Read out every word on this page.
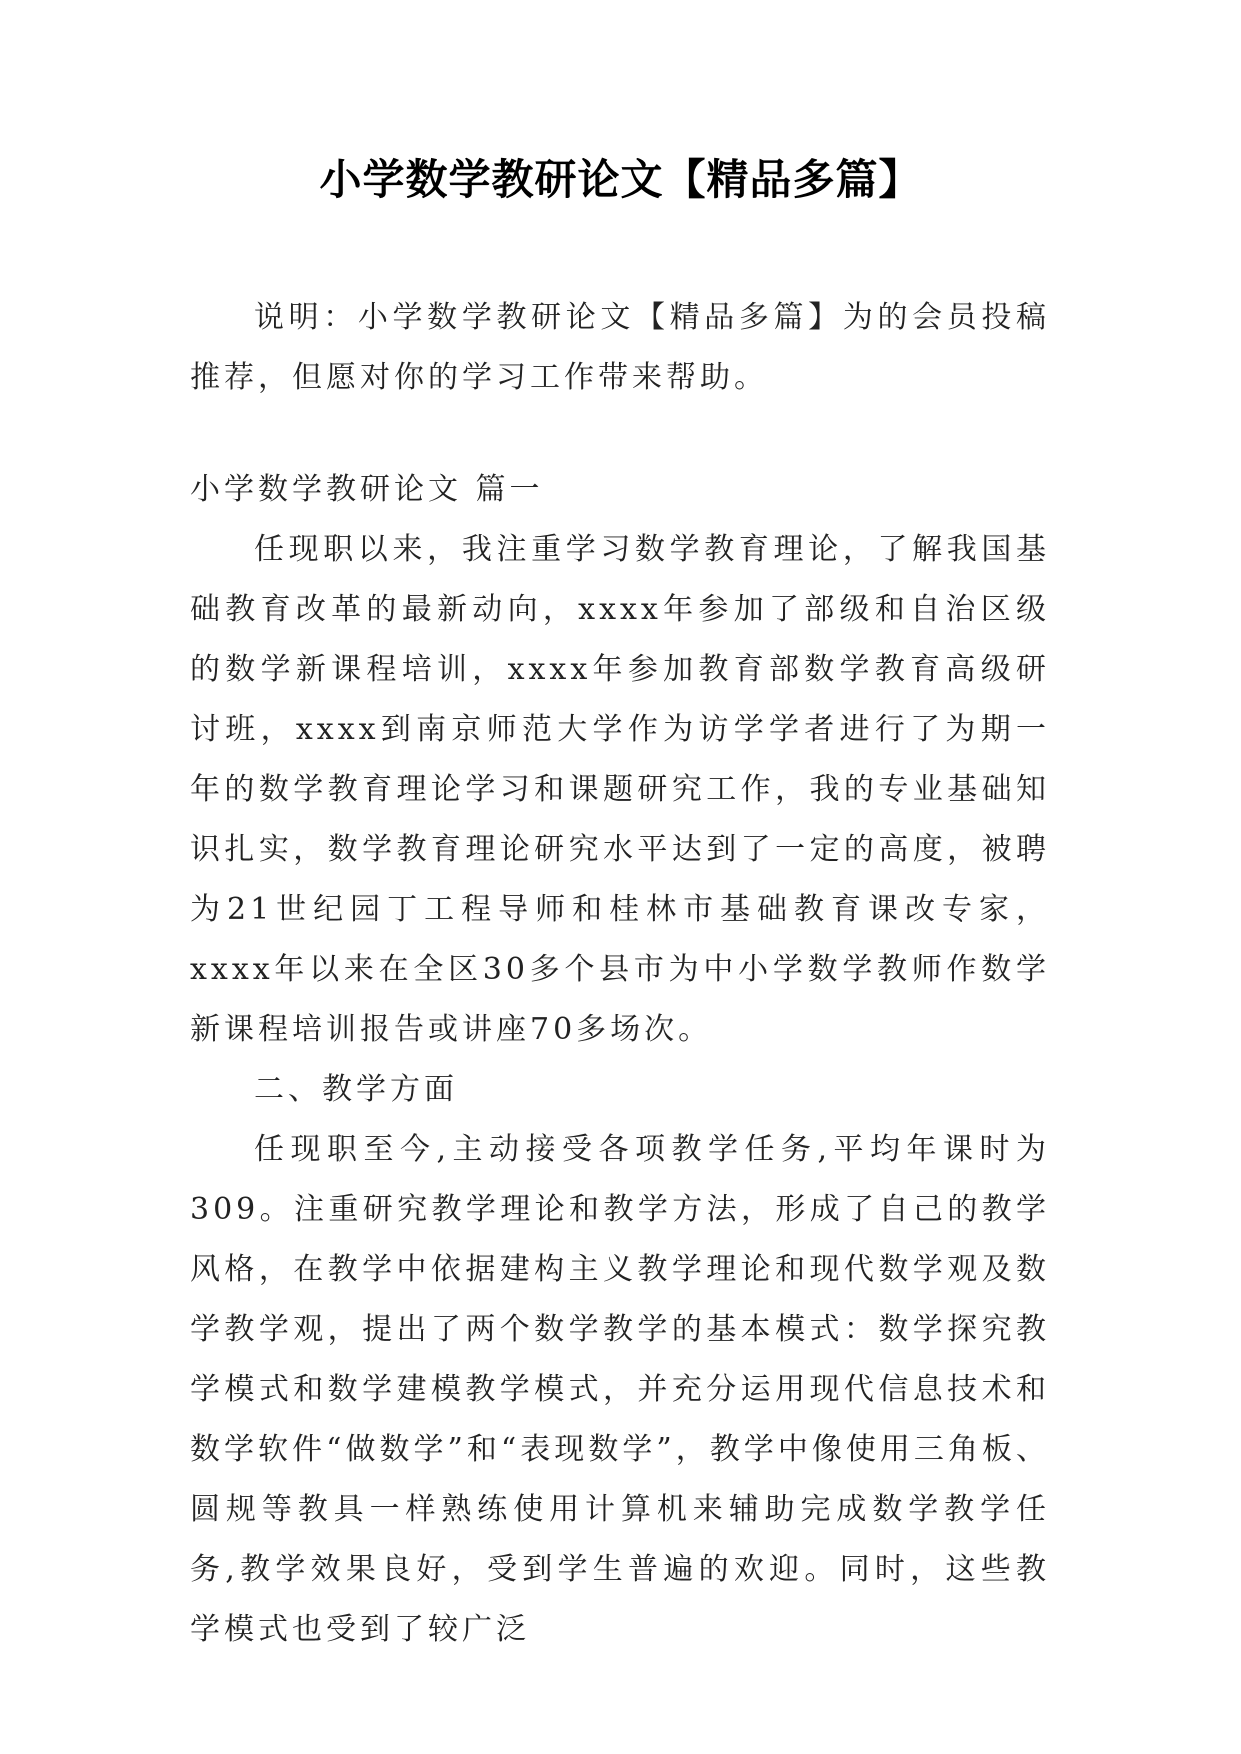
小学数学教研论文【精品多篇】

说明：小学数学教研论文【精品多篇】为的会员投稿推荐，但愿对你的学习工作带来帮助。

小学数学教研论文 篇一

任现职以来，我注重学习数学教育理论，了解我国基础教育改革的最新动向，xxxx年参加了部级和自治区级的数学新课程培训，xxxx年参加教育部数学教育高级研讨班，xxxx到南京师范大学作为访学学者进行了为期一年的数学教育理论学习和课题研究工作，我的专业基础知识扎实，数学教育理论研究水平达到了一定的高度，被聘为21世纪园丁工程导师和桂林市基础教育课改专家，xxxx年以来在全区30多个县市为中小学数学教师作数学新课程培训报告或讲座70多场次。

二、教学方面

任现职至今,主动接受各项教学任务,平均年课时为309。注重研究教学理论和教学方法，形成了自己的教学风格，在教学中依据建构主义教学理论和现代数学观及数学教学观，提出了两个数学教学的基本模式：数学探究教学模式和数学建模教学模式，并充分运用现代信息技术和数学软件“做数学”和“表现数学”，教学中像使用三角板、圆规等教具一样熟练使用计算机来辅助完成数学教学任务,教学效果良好，受到学生普遍的欢迎。同时，这些教学模式也受到了较广泛
